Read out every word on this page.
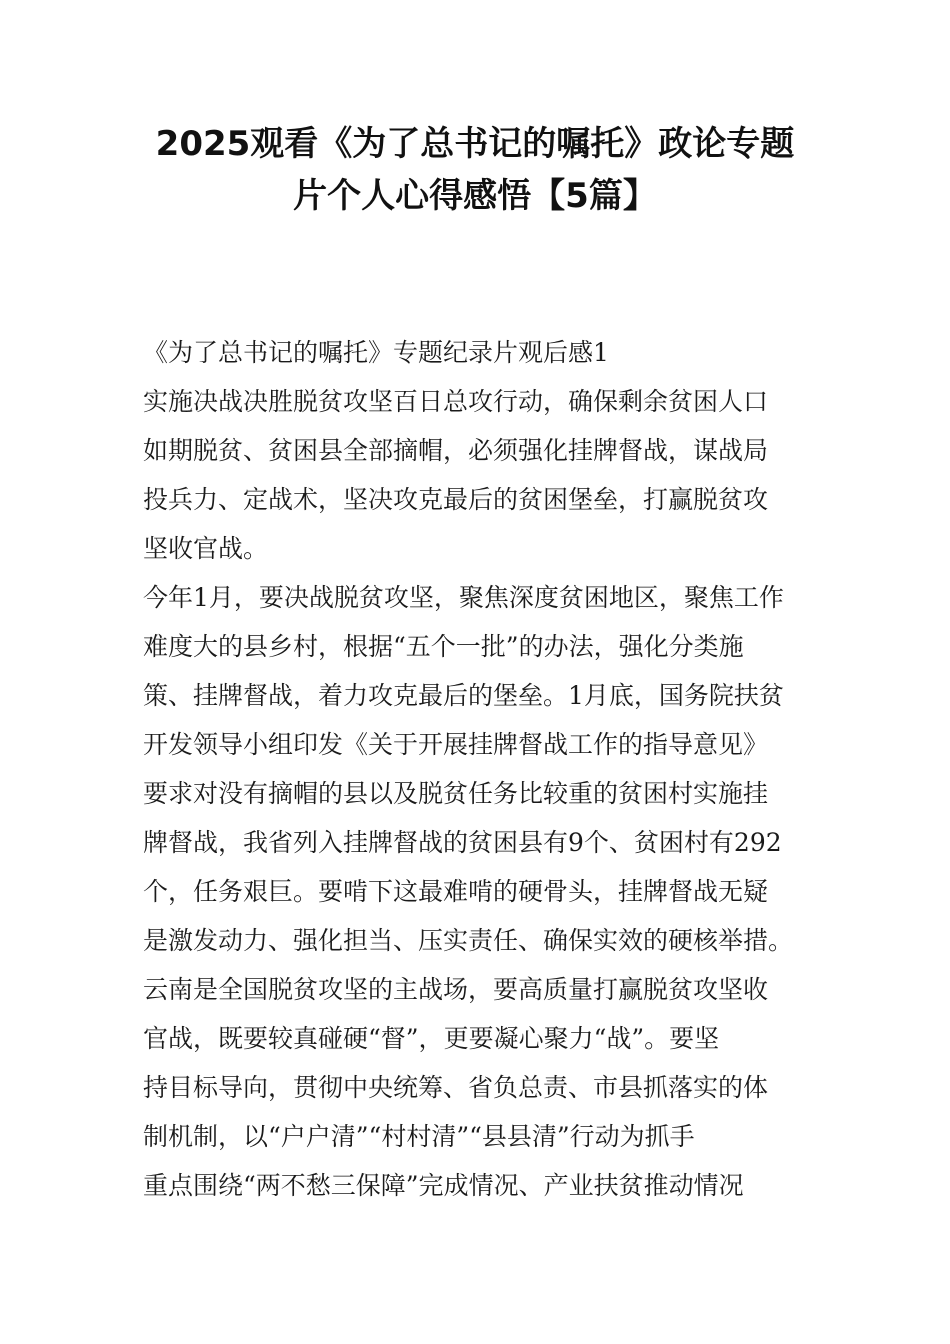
2025观看《为了总书记的嘱托》政论专题
片个人心得感悟【5篇】
《为了总书记的嘱托》专题纪录片观后感1
实施决战决胜脱贫攻坚百日总攻行动，确保剩余贫困人口
如期脱贫、贫困县全部摘帽，必须强化挂牌督战，谋战局
投兵力、定战术，坚决攻克最后的贫困堡垒，打赢脱贫攻
坚收官战。
今年1月，要决战脱贫攻坚，聚焦深度贫困地区，聚焦工作
难度大的县乡村，根据“五个一批”的办法，强化分类施
策、挂牌督战，着力攻克最后的堡垒。1月底，国务院扶贫
开发领导小组印发《关于开展挂牌督战工作的指导意见》
要求对没有摘帽的县以及脱贫任务比较重的贫困村实施挂
牌督战，我省列入挂牌督战的贫困县有9个、贫困村有292
个，任务艰巨。要啃下这最难啃的硬骨头，挂牌督战无疑
是激发动力、强化担当、压实责任、确保实效的硬核举措。
云南是全国脱贫攻坚的主战场，要高质量打赢脱贫攻坚收
官战，既要较真碰硬“督”，更要凝心聚力“战”。要坚
持目标导向，贯彻中央统筹、省负总责、市县抓落实的体
制机制，以“户户清”“村村清”“县县清”行动为抓手
重点围绕“两不愁三保障”完成情况、产业扶贫推动情况
